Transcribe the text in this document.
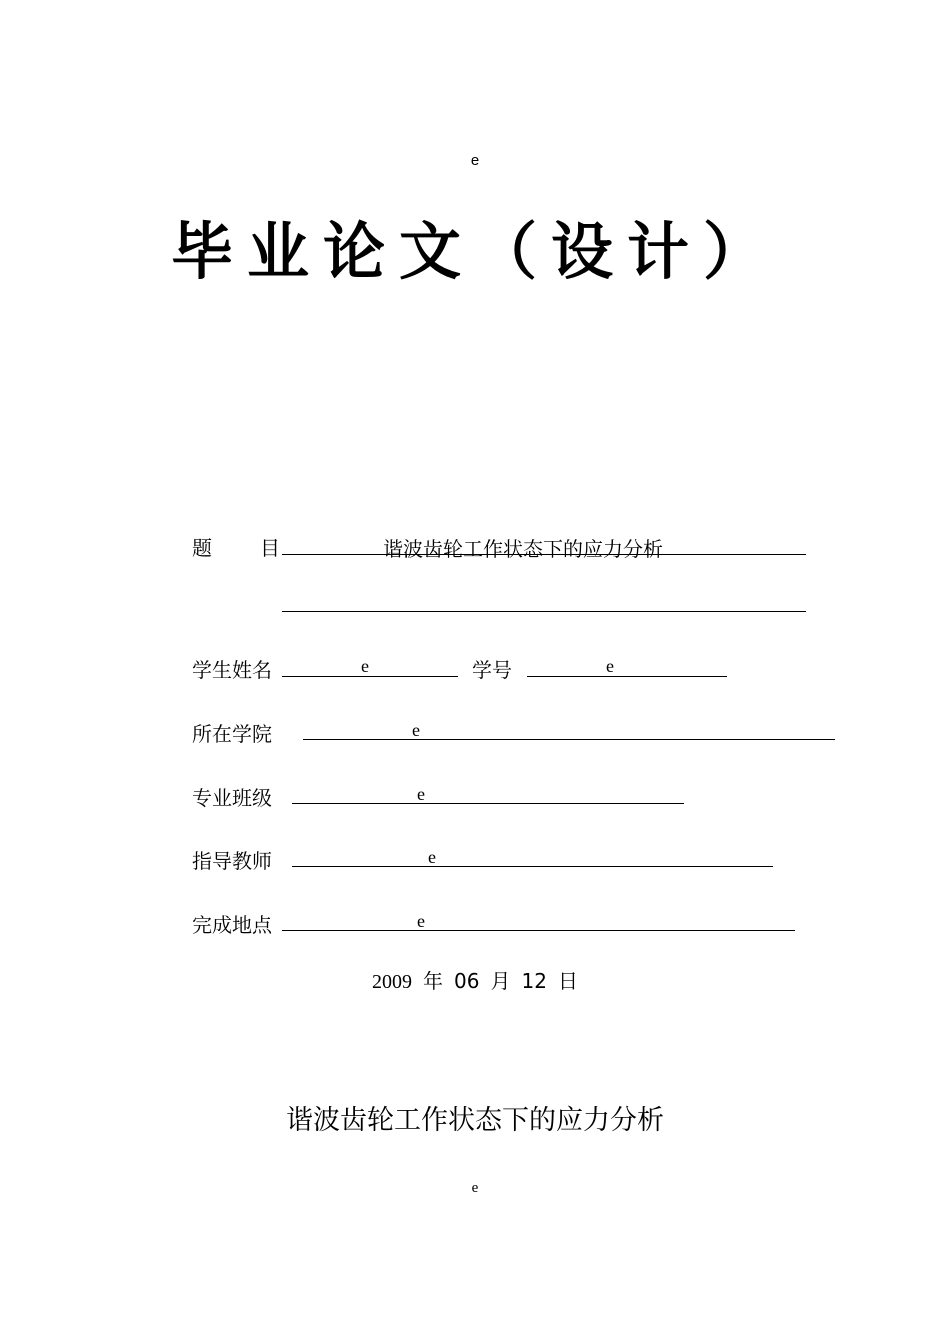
e
毕业论文（设计）
题 目	谐波齿轮工作状态下的应力分析
学生姓名	e	学号	e
所在学院	e
专业班级	e
指导教师	e
完成地点	e
2009 年 06 月 12 日
谐波齿轮工作状态下的应力分析
e
